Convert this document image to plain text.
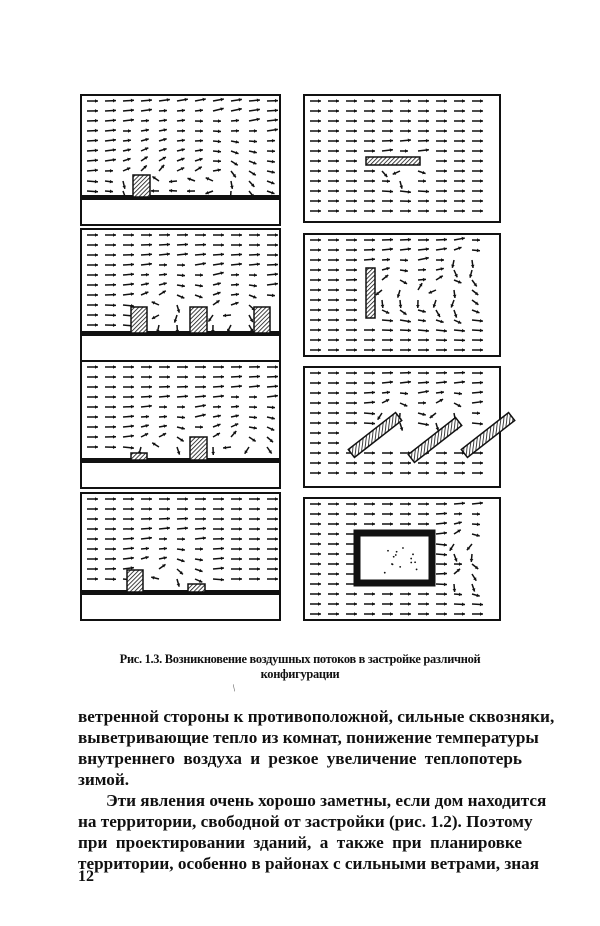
Рис. 1.3. Возникновение воздушных потоков в застройке различной
конфигурации
/
ветренной стороны к противоположной, сильные сквозняки,
выветривающие тепло из комнат, понижение температуры
внутреннего воздуха и резкое увеличение теплопотерь
зимой.
Эти явления очень хорошо заметны, если дом находится
на территории, свободной от застройки (рис. 1.2). Поэтому
при проектировании зданий, а также при планировке
территории, особенно в районах с сильными ветрами, зная
12
